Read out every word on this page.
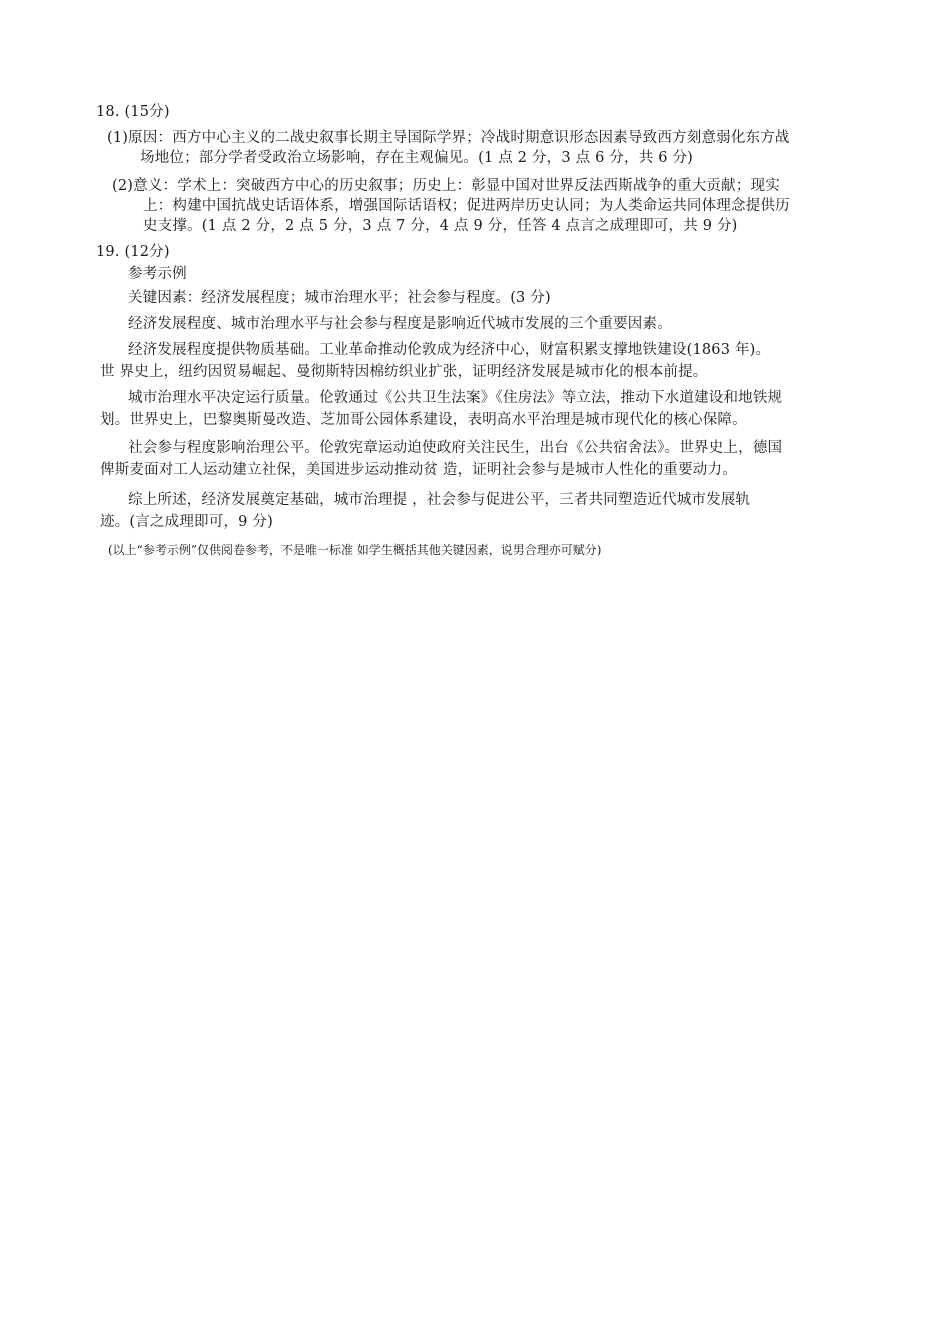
18. (15分)
(1)原因：西方中心主义的二战史叙事长期主导国际学界；冷战时期意识形态因素导致西方刻意弱化东方战
场地位；部分学者受政治立场影响，存在主观偏见。(1 点 2 分，3 点 6 分，共 6 分)
(2)意义：学术上：突破西方中心的历史叙事；历史上：彰显中国对世界反法西斯战争的重大贡献；现实
上：构建中国抗战史话语体系，增强国际话语权；促进两岸历史认同；为人类命运共同体理念提供历
史支撑。(1 点 2 分，2 点 5 分，3 点 7 分，4 点 9 分，任答 4 点言之成理即可，共 9 分)
19. (12分)
参考示例
关键因素：经济发展程度；城市治理水平；社会参与程度。(3 分)
经济发展程度、城市治理水平与社会参与程度是影响近代城市发展的三个重要因素。
经济发展程度提供物质基础。工业革命推动伦敦成为经济中心，财富积累支撑地铁建设(1863 年)。
世 界史上，纽约因贸易崛起、曼彻斯特因棉纺织业扩张，证明经济发展是城市化的根本前提。
城市治理水平决定运行质量。伦敦通过《公共卫生法案》《住房法》等立法，推动下水道建设和地铁规
划。世界史上，巴黎奥斯曼改造、芝加哥公园体系建设，表明高水平治理是城市现代化的核心保障。
社会参与程度影响治理公平。伦敦宪章运动迫使政府关注民生，出台《公共宿舍法》。世界史上，德国
俾斯麦面对工人运动建立社保，美国进步运动推动贫 造，证明社会参与是城市人性化的重要动力。
综上所述，经济发展奠定基础，城市治理提 ，社会参与促进公平，三者共同塑造近代城市发展轨
迹。(言之成理即可，9 分)
(以上“参考示例”仅供阅卷参考，不是唯一标准 如学生概括其他关键因素，说男合理亦可赋分)
